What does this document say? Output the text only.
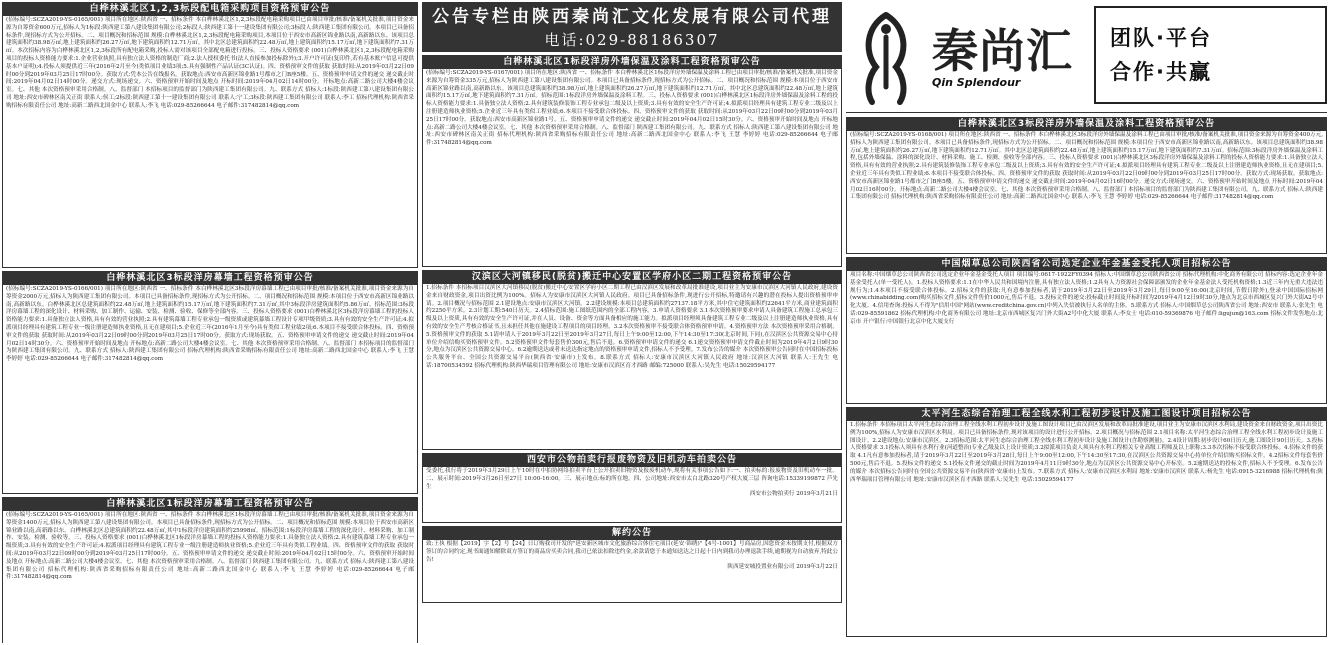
白桦林溪北区1,2,3标段配电箱采购项目资格预审公告

(招标编号:SCZA2019-YS-0165/001) 项目所在地区:陕西省 一、招标条件 本白桦林溪北区1,2,3标段配电箱采购项目已由项目审批/核准/备案机关批准,项目资金来源为自筹资金600万元,招标人为1标段:陕西建工第八建设集团有限公司;2标段人:陕西建工第十一建设集团有限公司;3标段人:陕西建工集团有限公司。本项目已具备招标条件,现招标方式为公开招标。二、项目概况和招标范围 规模:白桦林溪北区1,2,3标段配电箱采购项目,本项目位于西安市高新区锦业路以南,高新路以东。该项目总建筑面积约38.98万㎡,地上建筑面积约26.27万㎡,地下建筑面积约12.71万㎡。其中北区总建筑面积约22.48万㎡,地上建筑面积约15.17万㎡,地下建筑面积约7.31万㎡。本次招标内容为白桦林溪北区1,2,3标段所有配电箱采购,投标人需对该项目全部配电箱进行投标。三、投标人资格要求 (001)白桦林溪北区1,2,3标段配电箱采购项目的投标人资格能力要求:1.企业营业执照,具有独立法人资格的制造厂商;2.法人授权委托书(法人直接参加投标除外);3.开户许可证(复印件,若有基本账户信息可提供基本户证明);4.投标人须提供近三年(2016年2月至今)类似项目业绩3项;5.具有强制性产品认证(3C认证)。四、资格预审文件的获取 获取时间:从2019年03月22日09时00分到2019年03月25日17时00分。获取方式:凭本公告在线报名。获取地点:西安市高新区锦业路1号都市之门B座5楼。五、资格预审申请文件的递交 递交截止时间:2019年04月02日14时00分。递交方式:现场递交。六、资格预审开始时间及地点 开标时间:2019年04月02日14时00分。开标地点:高新二路公司大楼4楼会议室。七、其他 本次资格预审采用合格制。八、监督部门 本招标项目的监督部门为陕西建工集团有限公司。九、联系方式 招标人:1标段:陕西建工第八建设集团有限公司 地址:西安市碑林区南关正街 联系人:侯工;2标段:陕西建工第十一建设集团有限公司 联系人:宁工;3标段:陕西建工集团有限公司 联系人:李工 招标代理机构:陕西省采购招标有限责任公司 地址:高新二路西北国金中心 联系人:李飞 电话:029-85266644 电子邮件:317482814@qq.com

白桦林溪北区3标段洋房幕墙工程资格预审公告

(招标编号:SCZA2019-YS-0166/001) 项目所在地区:陕西省 一、招标条件 本白桦林溪北区3标段洋房幕墙工程已由项目审批/核准/备案机关批准,项目资金来源为自筹资金2000万元,招标人为陕西建工集团有限公司。本项目已具备招标条件,现招标方式为公开招标。二、项目概况和招标范围 规模:本项目位于西安市高新区锦业路以南,高新路以东。白桦林溪北区总建筑面积约22.48万㎡,地上建筑面积约15.17万㎡,地下建筑面积约7.31万㎡,其中3标段洋房建筑面积约5.86万㎡。招标范围:3标段洋房幕墙工程的深化设计、材料采购、加工制作、运输、安装、检测、验收、保修等全部内容。三、投标人资格要求 (001)白桦林溪北区3标段洋房幕墙工程的投标人资格能力要求:1.具备独立法人资格,具有有效的营业执照;2.具有建筑幕墙工程专业承包一级资质或建筑幕墙工程设计专项甲级资质;3.具有有效的安全生产许可证;4.拟派项目经理具有建筑工程专业一级注册建造师执业资格,且无在建项目;5.企业近三年(2016年1月至今)具有类似工程业绩2项;6.本项目不接受联合体投标。四、资格预审文件的获取 获取时间:从2019年03月22日09时00分到2019年03月25日17时00分。获取方式:现场获取。五、资格预审申请文件的递交 递交截止时间:2019年04月02日14时30分。六、资格预审开始时间及地点 开标地点:高新二路公司大楼4楼会议室。七、其他 本次资格预审采用合格制。八、监督部门 本招标项目的监督部门为陕西建工集团有限公司。九、联系方式 招标人:陕西建工集团有限公司 招标代理机构:陕西省采购招标有限责任公司 地址:高新二路西北国金中心 联系人:李飞 王慧 李婷婷 电话:029-85266644 电子邮件:317482814@qq.com

白桦林溪北区1标段洋房幕墙工程资格预审公告

(招标编号:SCZA2019-YS-0165/001) 项目所在地区:陕西省 一、招标条件 本白桦林溪北区1标段洋房幕墙工程已由项目审批/核准/备案机关批准,项目资金来源为自筹资金1400万元,招标人为陕西建工第八建设集团有限公司。本项目已具备招标条件,现招标方式为公开招标。二、项目概况和招标范围 规模:本项目位于西安市高新区锦业路以南,高新路以东。白桦林溪北区总建筑面积约22.48万㎡,其中1标段洋房建筑面积约25998㎡。招标范围:1标段洋房幕墙工程的深化设计、材料采购、加工制作、安装、检测、验收等。三、投标人资格要求 (001)白桦林溪北区1标段洋房幕墙工程的投标人资格能力要求:1.具备独立法人资格;2.具有建筑幕墙工程专业承包一级资质;3.具有有效的安全生产许可证;4.拟派项目经理具有建筑工程专业一级注册建造师执业资格;5.企业近三年具有类似工程业绩。四、资格预审文件的获取 获取时间:从2019年03月22日09时00分到2019年03月25日17时00分。五、资格预审申请文件的递交 递交截止时间:2019年04月02日15时00分。六、资格预审开始时间及地点 开标地点:高新二路公司大楼4楼会议室。七、其他 本次资格预审采用合格制。八、监督部门 陕西建工集团有限公司。九、联系方式 招标人:陕西建工第八建设集团有限公司 招标代理机构:陕西省采购招标有限责任公司 地址:高新二路西北国金中心 联系人:李飞 王慧 李婷婷 电话:029-85266644 电子邮件:317482814@qq.com

公告专栏由陕西秦尚汇文化发展有限公司代理
电话:029-88186307
白桦林溪北区1标段洋房外墙保温及涂料工程资格预审公告

(招标编号:SCZA2019-YS-0167/001) 项目所在地区:陕西省 一、招标条件 本白桦林溪北区1标段洋房外墙保温及涂料工程已由项目审批/核准/备案机关批准,项目资金来源为自筹资金335万元,招标人为陕西建工第八建设集团有限公司。本项目已具备招标条件,现招标方式为公开招标。二、项目概况和招标范围 规模:本项目位于西安市高新区锦业路以南,高新路以东。该项目总建筑面积约38.98万㎡,地上建筑面积约26.27万㎡,地下建筑面积约12.71万㎡。其中北区总建筑面积约22.48万㎡,地上建筑面积约15.17万㎡,地下建筑面积约7.31万㎡。招标范围:1标段洋房外墙保温及涂料工程。三、投标人资格要求 (001)白桦林溪北区1标段洋房外墙保温及涂料工程的投标人资格能力要求:1.具备独立法人资格;2.具有建筑装修装饰工程专业承包二级及以上资质;3.具有有效的安全生产许可证;4.拟派项目经理具有建筑工程专业二级及以上注册建造师执业资格;5.企业近三年具有类似工程业绩;6.本项目不接受联合体投标。四、资格预审文件的获取 获取时间:从2019年03月22日09时00分到2019年03月25日17时00分。获取地点:西安市高新区锦业路1号。五、资格预审申请文件的递交 递交截止时间:2019年04月02日15时30分。六、资格预审开始时间及地点 开标地点:高新二路公司大楼4楼会议室。七、其他 本次资格预审采用合格制。八、监督部门 陕西建工集团有限公司。九、联系方式 招标人:陕西建工第八建设集团有限公司 地址:西安市碑林区南关正街 招标代理机构:陕西省采购招标有限责任公司 地址:高新二路西北国金中心 联系人:李飞 王慧 李婷婷 电话:029-85266644 电子邮件:317482814@qq.com

汉滨区大河镇移民(脱贫)搬迁中心安置区学府小区二期工程资格预审公告

1.招标条件 本招标项目汉滨区大河镇移民(脱贫)搬迁中心安置区学府小区二期工程已由汉滨区发展和改革局批准建设,项目业主为安康市汉滨区大河镇人民政府,建设资金来自财政资金,项目出资比例为100%。招标人为安康市汉滨区大河镇人民政府。项目已具备招标条件,现进行公开招标,特邀请有兴趣的潜在投标人提出资格预审申请。2.项目概况与招标范围 2.1建设地点:安康市汉滨区大河镇。2.2建设规模:本项目总建筑面积约27137.18平方米,其中住宅建筑面积约22641平方米,商业建筑面积约2250平方米。2.3计划工期:540日历天。2.4招标范围:施工图纸范围内的全部工程内容。3.申请人资格要求 3.1本次资格预审要求申请人具备建筑工程施工总承包三级及以上资质,具有有效的安全生产许可证,并在人员、设备、资金等方面具备相应的施工能力。拟派项目经理须具备建筑工程专业二级及以上注册建造师执业资格,具有有效的安全生产考核合格证书,且未担任其他在施建设工程项目的项目经理。3.2本次资格预审不接受联合体资格预审申请。4.资格预审方法 本次资格预审采用合格制。5.资格预审文件的获取 5.1请申请人于2019年3月22日至2019年3月27日,每日上午9:00至12:00,下午14:30至17:30(北京时间,下同),在汉滨区公共资源交易中心持单位介绍信购买资格预审文件。5.2资格预审文件每套售价300元,售后不退。6.资格预审申请文件的递交 6.1递交资格预审申请文件截止时间为2019年4月2日9时30分,地点为汉滨区公共资源交易中心。6.2逾期送达或者未送达指定地点的资格预审申请文件,招标人不予受理。7.发布公告的媒介 本次资格预审公告同时在中国招标投标公共服务平台、全国公共资源交易平台(陕西省·安康市)上发布。8.联系方式 招标人:安康市汉滨区大河镇人民政府 地址:汉滨区大河镇 联系人:王先生 电话:18700534592 招标代理机构:陕西华瑞项目管理有限公司 地址:安康市汉滨区育才西路 邮编:725000 联系人:吴先生 电话:15029594177

西安市公物拍卖行报废物资及旧机动车拍卖公告

受委托,我行将于2019年3月29日上午10时在中拍协网络拍卖平台上公开拍卖旧物资及报废机动车,现将有关事项公告如下:一、拍卖标的:报废物资及旧机动车一批。二、展示时间:2019年3月26日至27日 10:00-16:00。三、展示地点:标的所在地。四、公司地址:西安市太白北路320号产权大厦三层 咨询电话:15339199872 芦先生

西安市公物拍卖行 2019年3月21日

解约公告

致:王执 根据【2019】字【2】号【24】日订购我司开发的"延安新区城市文化旅游综合体住宅项目(延安·锦绣)"【4号-1001】号商品房,因您资金未按期支付,根据双方签订的合同约定,现书面通知解除双方签订的商品房买卖合同,我司已依法扣除违约金,余款请您于本通知送达之日起十日内到我司办理退款手续,逾期视为自动放弃,特此公告!

陕西延安城投置业有限公司 2019年3月22日

秦尚汇
Qin Splendour
团队·平台
合作·共赢
白桦林溪北区3标段洋房外墙保温及涂料工程资格预审公告

(招标编号:SCZA2019-YS-0168/001) 项目所在地区:陕西省 一、招标条件 本白桦林溪北区3标段洋房外墙保温及涂料工程已由项目审批/核准/备案机关批准,项目资金来源为自筹资金400万元,招标人为陕西建工集团有限公司。本项目已具备招标条件,现招标方式为公开招标。二、项目概况和招标范围 规模:本项目位于西安市高新区锦业路以南,高新路以东。该项目总建筑面积约38.98万㎡,地上建筑面积约26.27万㎡,地下建筑面积约12.71万㎡。其中北区总建筑面积约22.48万㎡,地上建筑面积约15.17万㎡,地下建筑面积约7.31万㎡。招标范围:3标段洋房外墙保温及涂料工程,包括外墙保温、涂料的深化设计、材料采购、施工、检测、验收等全部内容。三、投标人资格要求 (001)白桦林溪北区3标段洋房外墙保温及涂料工程的投标人资格能力要求:1.具备独立法人资格,具有有效的营业执照;2.具有建筑装修装饰工程专业承包二级及以上资质;3.具有有效的安全生产许可证;4.拟派项目经理具有建筑工程专业二级及以上注册建造师执业资格,且无在建项目;5.企业近三年具有类似工程业绩;6.本项目不接受联合体投标。四、资格预审文件的获取 获取时间:从2019年03月22日09时00分到2019年03月25日17时00分。获取方式:现场获取。获取地点:西安市高新区锦业路1号都市之门B座5楼。五、资格预审申请文件的递交 递交截止时间:2019年04月02日16时00分。递交方式:现场递交。六、资格预审开始时间及地点 开标时间:2019年04月02日16时00分。开标地点:高新二路公司大楼4楼会议室。七、其他 本次资格预审采用合格制。八、监督部门 本招标项目的监督部门为陕西建工集团有限公司。九、联系方式 招标人:陕西建工集团有限公司 招标代理机构:陕西省采购招标有限责任公司 地址:高新二路西北国金中心 联系人:李飞 王慧 李婷婷 电话:029-85266644 电子邮件:317482814@qq.com

中国烟草总公司陕西省公司选定企业年金基金受托人项目招标公告

项目名称:中国烟草总公司陕西省公司选定企业年金基金受托人项目 项目编号:0617-1922FY0394 招标人:中国烟草总公司陕西省公司 招标代理机构:中化商务有限公司 招标内容:选定企业年金基金受托人(单一受托人)。1.投标人资格要求:1.1在中华人民共和国境内注册,具有独立法人资格;1.2具有人力资源社会保障部颁发的企业年金基金法人受托机构资格;1.3近三年内无重大违法违规行为;1.4本项目不接受联合体投标。2.招标文件的获取:凡有意参加投标者,请于2019年3月22日至2019年3月29日,每日9:00至16:00(北京时间,节假日除外),登录中国国际招标网(www.chinabidding.com)购买招标文件,招标文件售价1000元,售后不退。3.投标文件的递交:投标截止时间及开标时间为2019年4月12日9时30分,地点为北京市西城区复兴门外大街A2号中化大厦。4.信用查询:投标人不得为"信用中国"网站(www.creditchina.gov.cn)中列入失信被执行人名单的主体。5.联系方式 招标人:中国烟草总公司陕西省公司 地址:西安市 联系人:张先生 电话:029-85591862 招标代理机构:中化商务有限公司 地址:北京市西城区复兴门外大街A2号中化大厦 联系人:李女士 电话:010-59369876 电子邮件:ligujun@163.com 招标文件发售地点:北京市 开户银行:中国银行北京中化大厦支行

太平河生态综合治理工程全线水利工程初步设计及施工图设计项目招标公告

1.招标条件 本招标项目太平河生态综合治理工程全线水利工程初步设计及施工图设计项目已由汉滨区发展和改革局批准建设,项目业主为安康市汉滨区水利局,建设资金来自财政资金,项目出资比例为100%,招标人为安康市汉滨区水利局。项目已具备招标条件,现对该项目的设计进行公开招标。2.项目概况与招标范围 2.1项目名称:太平河生态综合治理工程全线水利工程初步设计及施工图设计。2.2建设地点:安康市汉滨区。2.3招标范围:太平河生态综合治理工程全线水利工程初步设计及施工图设计(含勘察测量)。2.4设计周期:初步设计60日历天,施工图设计90日历天。3.投标人资格要求 3.1投标人须具有水利行业(河道整治)专业乙级及以上设计资质;3.2拟派项目负责人须具有水利工程相关专业高级工程师及以上职称;3.3本次招标不接受联合体投标。4.招标文件的获取 4.1凡有意参加投标者,请于2019年3月22日至2019年3月28日,每日上午9:00至12:00,下午14:30至17:30,在汉滨区公共资源交易中心持单位介绍信购买招标文件。4.2招标文件每套售价500元,售后不退。5.投标文件的递交 5.1投标文件递交的截止时间为2019年4月11日9时30分,地点为汉滨区公共资源交易中心开标室。5.2逾期送达的投标文件,招标人不予受理。6.发布公告的媒介 本次招标公告同时在全国公共资源交易平台(陕西省·安康市)上发布。7.联系方式 招标人:安康市汉滨区水利局 地址:安康市汉滨区 联系人:杨先生 电话:0915-3216988 招标代理机构:陕西华瑞项目管理有限公司 地址:安康市汉滨区育才西路 联系人:吴先生 电话:15029594177
